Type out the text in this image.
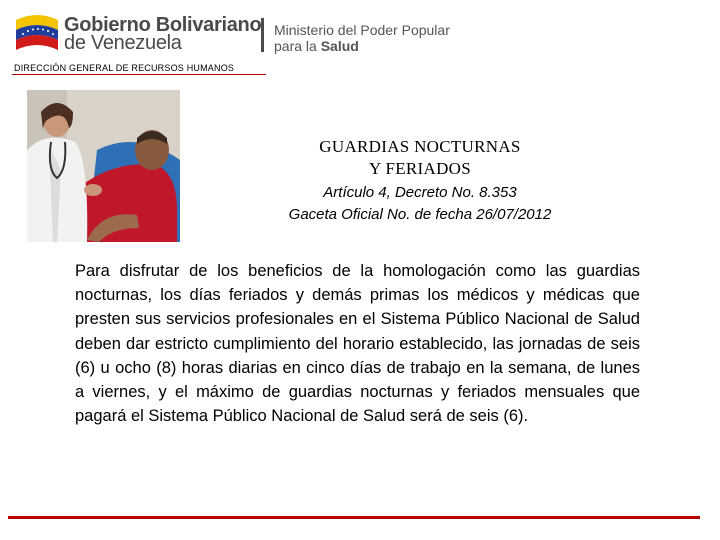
Gobierno Bolivariano
de Venezuela
Ministerio del Poder Popular
para la Salud
DIRECCIÓN GENERAL DE RECURSOS HUMANOS
GUARDIAS NOCTURNAS
Y FERIADOS
Artículo 4, Decreto No. 8.353
Gaceta Oficial No. de fecha 26/07/2012
Para disfrutar de los beneficios de la homologación como las guardias nocturnas, los días feriados y demás primas los médicos y médicas que presten sus servicios profesionales en el Sistema Público Nacional de Salud deben dar estricto cumplimiento del horario establecido, las jornadas de seis (6) u ocho (8) horas diarias en cinco días de trabajo en la semana, de lunes a viernes, y el máximo de guardias nocturnas y feriados mensuales que pagará el Sistema Público Nacional de Salud será de seis (6).
